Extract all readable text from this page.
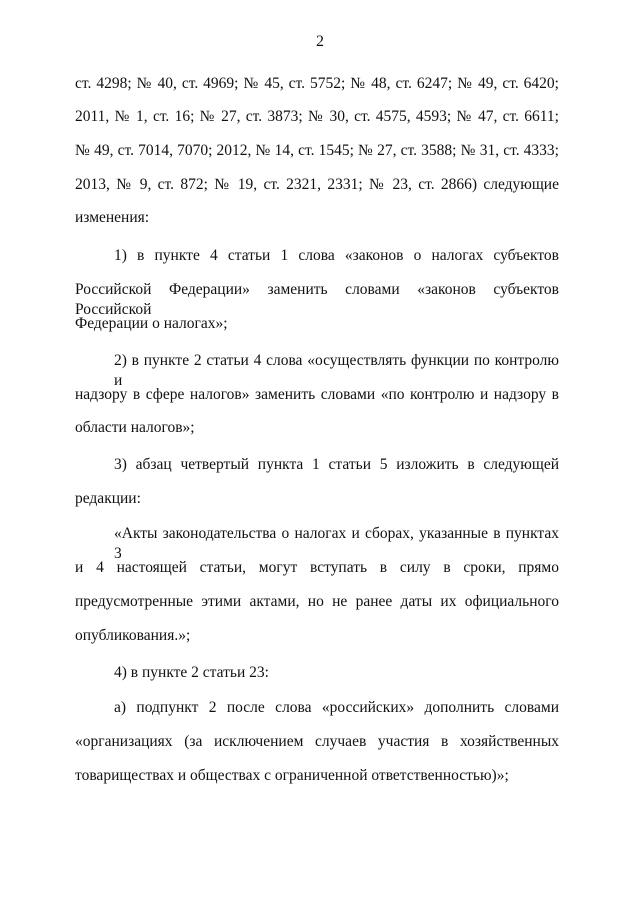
2
ст. 4298; № 40, ст. 4969; № 45, ст. 5752; № 48, ст. 6247; № 49, ст. 6420;
2011, № 1, ст. 16; № 27, ст. 3873; № 30, ст. 4575, 4593; № 47, ст. 6611;
№ 49, ст. 7014, 7070; 2012, № 14, ст. 1545; № 27, ст. 3588; № 31, ст. 4333;
2013, № 9, ст. 872; № 19, ст. 2321, 2331; № 23, ст. 2866) следующие
изменения:
1) в пункте 4 статьи 1 слова «законов о налогах субъектов
Российской Федерации» заменить словами «законов субъектов Российской
Федерации о налогах»;
2) в пункте 2 статьи 4 слова «осуществлять функции по контролю и
надзору в сфере налогов» заменить словами «по контролю и надзору в
области налогов»;
3) абзац четвертый пункта 1 статьи 5 изложить в следующей
редакции:
«Акты законодательства о налогах и сборах, указанные в пунктах 3
и 4 настоящей статьи, могут вступать в силу в сроки, прямо
предусмотренные этими актами, но не ранее даты их официального
опубликования.»;
4) в пункте 2 статьи 23:
а) подпункт 2 после слова «российских» дополнить словами
«организациях (за исключением случаев участия в хозяйственных
товариществах и обществах с ограниченной ответственностью)»;
